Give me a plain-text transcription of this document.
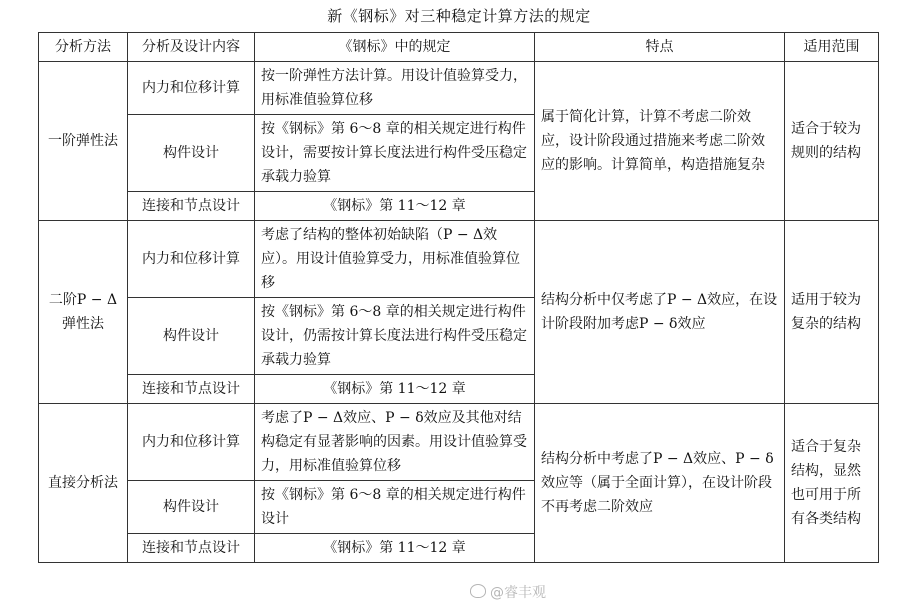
新《钢标》对三种稳定计算方法的规定
分析方法	分析及设计内容	《钢标》中的规定	特点	适用范围
一阶弹性法	内力和位移计算	按一阶弹性方法计算。用设计值验算受力，用标准值验算位移	属于简化计算，计算不考虑二阶效应，设计阶段通过措施来考虑二阶效应的影响。计算简单，构造措施复杂	适合于较为规则的结构
	构件设计	按《钢标》第 6～8 章的相关规定进行构件设计，需要按计算长度法进行构件受压稳定承载力验算		
	连接和节点设计	《钢标》第 11～12 章		
二阶P − Δ弹性法	内力和位移计算	考虑了结构的整体初始缺陷（P − Δ效应）。用设计值验算受力，用标准值验算位移	结构分析中仅考虑了P − Δ效应，在设计阶段附加考虑P − δ效应	适用于较为复杂的结构
	构件设计	按《钢标》第 6～8 章的相关规定进行构件设计，仍需按计算长度法进行构件受压稳定承载力验算		
	连接和节点设计	《钢标》第 11～12 章		
直接分析法	内力和位移计算	考虑了P − Δ效应、P − δ效应及其他对结构稳定有显著影响的因素。用设计值验算受力，用标准值验算位移	结构分析中考虑了P − Δ效应、P − δ效应等（属于全面计算），在设计阶段不再考虑二阶效应	适合于复杂结构，显然也可用于所有各类结构
	构件设计	按《钢标》第 6～8 章的相关规定进行构件设计		
	连接和节点设计	《钢标》第 11～12 章		
@睿丰观
